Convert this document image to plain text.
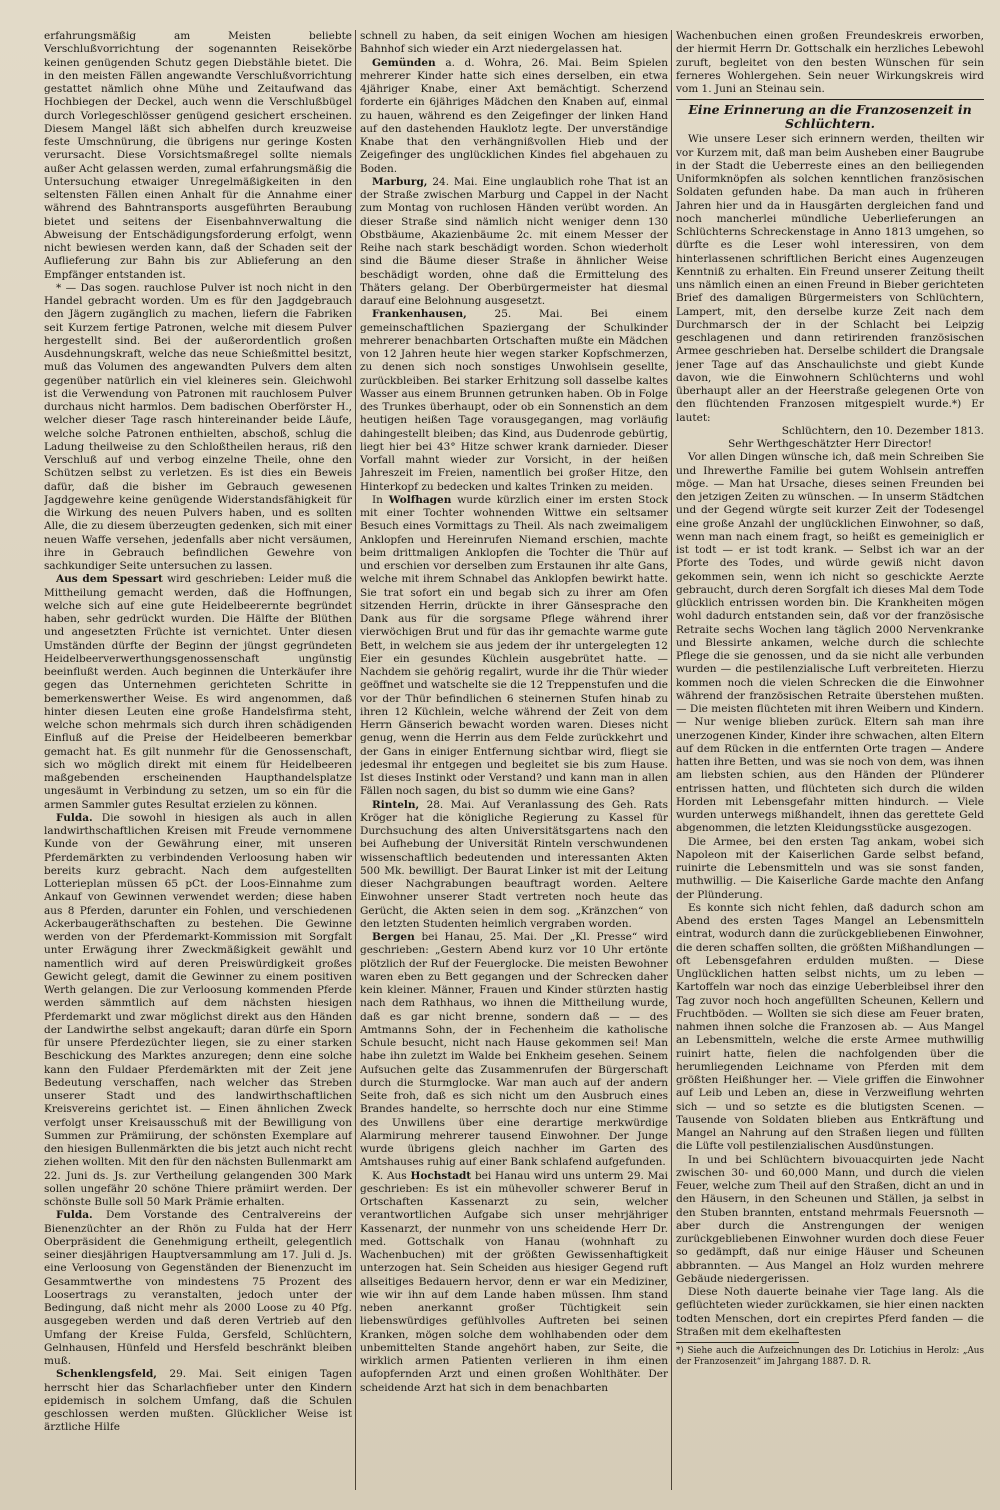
erfahrungsmäßig am Meisten beliebte Verschlußvorrichtung der sogenannten Reisekörbe keinen genügenden Schutz gegen Diebstähle bietet. Die in den meisten Fällen angewandte Verschlußvorrichtung gestattet nämlich ohne Mühe und Zeitaufwand das Hochbiegen der Deckel, auch wenn die Verschlußbügel durch Vorlegeschlösser genügend gesichert erscheinen. Diesem Mangel läßt sich abhelfen durch kreuzweise feste Umschnürung, die übrigens nur geringe Kosten verursacht. Diese Vorsichtsmaßregel sollte niemals außer Acht gelassen werden, zumal erfahrungsmäßig die Untersuchung etwaiger Unregelmäßigkeiten in den seltensten Fällen einen Anhalt für die Annahme einer während des Bahntransports ausgeführten Beraubung bietet und seitens der Eisenbahnverwaltung die Abweisung der Entschädigungsforderung erfolgt, wenn nicht bewiesen werden kann, daß der Schaden seit der Auflieferung zur Bahn bis zur Ablieferung an den Empfänger entstanden ist.

* — Das sogen. rauchlose Pulver ist noch nicht in den Handel gebracht worden. Um es für den Jagdgebrauch den Jägern zugänglich zu machen, liefern die Fabriken seit Kurzem fertige Patronen, welche mit diesem Pulver hergestellt sind. Bei der außerordentlich großen Ausdehnungskraft, welche das neue Schießmittel besitzt, muß das Volumen des angewandten Pulvers dem alten gegenüber natürlich ein viel kleineres sein. Gleichwohl ist die Verwendung von Patronen mit rauchlosem Pulver durchaus nicht harmlos. Dem badischen Oberförster H., welcher dieser Tage rasch hintereinander beide Läufe, welche solche Patronen enthielten, abschoß, schlug die Ladung theilweise zu den Schloßtheilen heraus, riß den Verschluß auf und verbog einzelne Theile, ohne den Schützen selbst zu verletzen. Es ist dies ein Beweis dafür, daß die bisher im Gebrauch gewesenen Jagdgewehre keine genügende Widerstandsfähigkeit für die Wirkung des neuen Pulvers haben, und es sollten Alle, die zu diesem überzeugten gedenken, sich mit einer neuen Waffe versehen, jedenfalls aber nicht versäumen, ihre in Gebrauch befindlichen Gewehre von sachkundiger Seite untersuchen zu lassen.

Aus dem Spessart wird geschrieben: Leider muß die Mittheilung gemacht werden, daß die Hoffnungen, welche sich auf eine gute Heidelbeerernte begründet haben, sehr gedrückt wurden. Die Hälfte der Blüthen und angesetzten Früchte ist vernichtet. Unter diesen Umständen dürfte der Beginn der jüngst gegründeten Heidelbeerverwerthungsgenossenschaft ungünstig beeinflußt werden. Auch beginnen die Unterkäufer ihre gegen das Unternehmen gerichteten Schritte in bemerkenswerther Weise. Es wird angenommen, daß hinter diesen Leuten eine große Handelsfirma steht, welche schon mehrmals sich durch ihren schädigenden Einfluß auf die Preise der Heidelbeeren bemerkbar gemacht hat. Es gilt nunmehr für die Genossenschaft, sich wo möglich direkt mit einem für Heidelbeeren maßgebenden erscheinenden Haupthandelsplatze ungesäumt in Verbindung zu setzen, um so ein für die armen Sammler gutes Resultat erzielen zu können.

Fulda. Die sowohl in hiesigen als auch in allen landwirthschaftlichen Kreisen mit Freude vernommene Kunde von der Gewährung einer, mit unseren Pferdemärkten zu verbindenden Verloosung haben wir bereits kurz gebracht. Nach dem aufgestellten Lotterieplan müssen 65 pCt. der Loos-Einnahme zum Ankauf von Gewinnen verwendet werden; diese haben aus 8 Pferden, darunter ein Fohlen, und verschiedenen Ackerbaugeräthschaften zu bestehen. Die Gewinne werden von der Pferdemarkt-Kommission mit Sorgfalt unter Erwägung ihrer Zweckmäßigkeit gewählt und namentlich wird auf deren Preiswürdigkeit großes Gewicht gelegt, damit die Gewinner zu einem positiven Werth gelangen. Die zur Verloosung kommenden Pferde werden sämmtlich auf dem nächsten hiesigen Pferdemarkt und zwar möglichst direkt aus den Händen der Landwirthe selbst angekauft; daran dürfe ein Sporn für unsere Pferdezüchter liegen, sie zu einer starken Beschickung des Marktes anzuregen; denn eine solche kann den Fuldaer Pferdemärkten mit der Zeit jene Bedeutung verschaffen, nach welcher das Streben unserer Stadt und des landwirthschaftlichen Kreisvereins gerichtet ist. — Einen ähnlichen Zweck verfolgt unser Kreisausschuß mit der Bewilligung von Summen zur Prämiirung, der schönsten Exemplare auf den hiesigen Bullenmärkten die bis jetzt auch nicht recht ziehen wollten. Mit den für den nächsten Bullenmarkt am 22. Juni ds. Js. zur Vertheilung gelangenden 300 Mark sollen ungefähr 20 schöne Thiere prämiirt werden. Der schönste Bulle soll 50 Mark Prämie erhalten.

Fulda. Dem Vorstande des Centralvereins der Bienenzüchter an der Rhön zu Fulda hat der Herr Oberpräsident die Genehmigung ertheilt, gelegentlich seiner diesjährigen Hauptversammlung am 17. Juli d. Js. eine Verloosung von Gegenständen der Bienenzucht im Gesammtwerthe von mindestens 75 Prozent des Loosertrags zu veranstalten, jedoch unter der Bedingung, daß nicht mehr als 2000 Loose zu 40 Pfg. ausgegeben werden und daß deren Vertrieb auf den Umfang der Kreise Fulda, Gersfeld, Schlüchtern, Gelnhausen, Hünfeld und Hersfeld beschränkt bleiben muß.

Schenklengsfeld, 29. Mai. Seit einigen Tagen herrscht hier das Scharlachfieber unter den Kindern epidemisch in solchem Umfang, daß die Schulen geschlossen werden mußten. Glücklicher Weise ist ärztliche Hilfe

schnell zu haben, da seit einigen Wochen am hiesigen Bahnhof sich wieder ein Arzt niedergelassen hat.

Gemünden a. d. Wohra, 26. Mai. Beim Spielen mehrerer Kinder hatte sich eines derselben, ein etwa 4jähriger Knabe, einer Axt bemächtigt. Scherzend forderte ein 6jähriges Mädchen den Knaben auf, einmal zu hauen, während es den Zeigefinger der linken Hand auf den dastehenden Hauklotz legte. Der unverständige Knabe that den verhängnißvollen Hieb und der Zeigefinger des unglücklichen Kindes fiel abgehauen zu Boden.

Marburg, 24. Mai. Eine unglaublich rohe That ist an der Straße zwischen Marburg und Cappel in der Nacht zum Montag von ruchlosen Händen verübt worden. An dieser Straße sind nämlich nicht weniger denn 130 Obstbäume, Akazienbäume 2c. mit einem Messer der Reihe nach stark beschädigt worden. Schon wiederholt sind die Bäume dieser Straße in ähnlicher Weise beschädigt worden, ohne daß die Ermittelung des Thäters gelang. Der Oberbürgermeister hat diesmal darauf eine Belohnung ausgesetzt.

Frankenhausen,	25. Mai. Bei einem gemeinschaftlichen Spaziergang der Schulkinder mehrerer benachbarten Ortschaften mußte ein Mädchen von 12 Jahren heute hier wegen starker Kopfschmerzen, zu denen sich noch sonstiges Unwohlsein gesellte, zurückbleiben. Bei starker Erhitzung soll dasselbe kaltes Wasser aus einem Brunnen getrunken haben. Ob in Folge des Trunkes überhaupt, oder ob ein Sonnenstich an dem heutigen heißen Tage vorausgegangen, mag vorläufig dahingestellt bleiben; das Kind, aus Dudenrode gebürtig, liegt hier bei 43° Hitze schwer krank darnieder. Dieser Vorfall mahnt wieder zur Vorsicht, in der heißen Jahreszeit im Freien, namentlich bei großer Hitze, den Hinterkopf zu bedecken und kaltes Trinken zu meiden.

In Wolfhagen wurde kürzlich einer im ersten Stock mit einer Tochter wohnenden Wittwe ein seltsamer Besuch eines Vormittags zu Theil. Als nach zweimaligem Anklopfen und Hereinrufen Niemand erschien, machte beim drittmaligen Anklopfen die Tochter die Thür auf und erschien vor derselben zum Erstaunen ihr alte Gans, welche mit ihrem Schnabel das Anklopfen bewirkt hatte. Sie trat sofort ein und begab sich zu ihrer am Ofen sitzenden Herrin, drückte in ihrer Gänsesprache den Dank aus für die sorgsame Pflege während ihrer vierwöchigen Brut und für das ihr gemachte warme gute Bett, in welchem sie aus jedem der ihr untergelegten 12 Eier ein gesundes Küchlein ausgebrütet hatte. — Nachdem sie gehörig regalirt, wurde ihr die Thür wieder geöffnet und watschelte sie die 12 Treppenstufen und die vor der Thür befindlichen 6 steinernen Stufen hinab zu ihren 12 Küchlein, welche während der Zeit von dem Herrn Gänserich bewacht worden waren. Dieses nicht genug, wenn die Herrin aus dem Felde zurückkehrt und der Gans in einiger Entfernung sichtbar wird, fliegt sie jedesmal ihr entgegen und begleitet sie bis zum Hause. Ist dieses Instinkt oder Verstand? und kann man in allen Fällen noch sagen, du bist so dumm wie eine Gans?

Rinteln, 28. Mai. Auf Veranlassung des Geh. Rats Kröger hat die königliche Regierung zu Kassel für Durchsuchung des alten Universitätsgartens nach den bei Aufhebung der Universität Rinteln verschwundenen wissenschaftlich bedeutenden und interessanten Akten 500 Mk. bewilligt. Der Baurat Linker ist mit der Leitung dieser Nachgrabungen beauftragt worden. Aeltere Einwohner unserer Stadt vertreten noch heute das Gerücht, die Akten seien in dem sog. „Kränzchen“ von den letzten Studenten heimlich vergraben worden.

Bergen bei Hanau, 25. Mai. Der „Kl. Presse“ wird geschrieben: „Gestern Abend kurz vor 10 Uhr ertönte plötzlich der Ruf der Feuerglocke. Die meisten Bewohner waren eben zu Bett gegangen und der Schrecken daher kein kleiner. Männer, Frauen und Kinder stürzten hastig nach dem Rathhaus, wo ihnen die Mittheilung wurde, daß es gar nicht brenne, sondern daß — — des Amtmanns Sohn, der in Fechenheim die katholische Schule besucht, nicht nach Hause gekommen sei! Man habe ihn zuletzt im Walde bei Enkheim gesehen. Seinem Aufsuchen gelte das Zusammenrufen der Bürgerschaft durch die Sturmglocke. War man auch auf der andern Seite froh, daß es sich nicht um den Ausbruch eines Brandes handelte, so herrschte doch nur eine Stimme des Unwillens über eine derartige merkwürdige Alarmirung mehrerer tausend Einwohner. Der Junge wurde übrigens gleich nachher im Garten des Amtshauses ruhig auf einer Bank schlafend aufgefunden.

K. Aus Hochstadt bei Hanau wird uns unterm 29. Mai geschrieben: Es ist ein mühevoller schwerer Beruf in Ortschaften Kassenarzt zu sein, welcher verantwortlichen Aufgabe sich unser mehrjähriger Kassenarzt, der nunmehr von uns scheidende Herr Dr. med. Gottschalk von Hanau (wohnhaft zu Wachenbuchen) mit der größten Gewissenhaftigkeit unterzogen hat. Sein Scheiden aus hiesiger Gegend ruft allseitiges Bedauern hervor, denn er war ein Mediziner, wie wir ihn auf dem Lande haben müssen. Ihm stand neben anerkannt großer Tüchtigkeit sein liebenswürdiges gefühlvolles Auftreten bei seinen Kranken, mögen solche dem wohlhabenden oder dem unbemittelten Stande angehört haben, zur Seite, die wirklich armen Patienten verlieren in ihm einen aufopfernden Arzt und einen großen Wohlthäter. Der scheidende Arzt hat sich in dem benachbarten

Wachenbuchen einen großen Freundeskreis erworben, der hiermit Herrn Dr. Gottschalk ein herzliches Lebewohl zuruft, begleitet von den besten Wünschen für sein ferneres Wohlergehen. Sein neuer Wirkungskreis wird vom 1. Juni an Steinau sein.

Eine Erinnerung an die Franzosenzeit in Schlüchtern.

Wie unsere Leser sich erinnern werden, theilten wir vor Kurzem mit, daß man beim Ausheben einer Baugrube in der Stadt die Ueberreste eines an den beiliegenden Uniformknöpfen als solchen kenntlichen französischen Soldaten gefunden habe. Da man auch in früheren Jahren hier und da in Hausgärten dergleichen fand und noch mancherlei mündliche Ueberlieferungen an Schlüchterns Schreckenstage in Anno 1813 umgehen, so dürfte es die Leser wohl interessiren, von dem hinterlassenen schriftlichen Bericht eines Augenzeugen Kenntniß zu erhalten. Ein Freund unserer Zeitung theilt uns nämlich einen an einen Freund in Bieber gerichteten Brief des damaligen Bürgermeisters von Schlüchtern, Lampert, mit, den derselbe kurze Zeit nach dem Durchmarsch der in der Schlacht bei Leipzig geschlagenen und dann retirirenden französischen Armee geschrieben hat. Derselbe schildert die Drangsale jener Tage auf das Anschaulichste und giebt Kunde davon, wie die Einwohnern Schlüchterns und wohl überhaupt aller an der Heerstraße gelegenen Orte von den flüchtenden Franzosen mitgespielt wurde.*) Er lautet:

Schlüchtern, den 10. Dezember 1813.

Sehr Werthgeschätzter Herr Director!

Vor allen Dingen wünsche ich, daß mein Schreiben Sie und Ihrewerthe Familie bei gutem Wohlsein antreffen möge. — Man hat Ursache, dieses seinen Freunden bei den jetzigen Zeiten zu wünschen. — In unserm Städtchen und der Gegend würgte seit kurzer Zeit der Todesengel eine große Anzahl der unglücklichen Einwohner, so daß, wenn man nach einem fragt, so heißt es gemeiniglich er ist todt — er ist todt krank. — Selbst ich war an der Pforte des Todes, und würde gewiß nicht davon gekommen sein, wenn ich nicht so geschickte Aerzte gebraucht, durch deren Sorgfalt ich dieses Mal dem Tode glücklich entrissen worden bin. Die Krankheiten mögen wohl dadurch entstanden sein, daß vor der französische Retraite sechs Wochen lang täglich 2000 Nervenkranke und Blessirte ankamen, welche durch die schlechte Pflege die sie genossen, und da sie nicht alle verbunden wurden — die pestilenzialische Luft verbreiteten. Hierzu kommen noch die vielen Schrecken die die Einwohner während der französischen Retraite überstehen mußten. — Die meisten flüchteten mit ihren Weibern und Kindern. — Nur wenige blieben zurück. Eltern sah man ihre unerzogenen Kinder, Kinder ihre schwachen, alten Eltern auf dem Rücken in die entfernten Orte tragen — Andere hatten ihre Betten, und was sie noch von dem, was ihnen am liebsten schien, aus den Händen der Plünderer entrissen hatten, und flüchteten sich durch die wilden Horden mit Lebensgefahr mitten hindurch. — Viele wurden unterwegs mißhandelt, ihnen das gerettete Geld abgenommen, die letzten Kleidungsstücke ausgezogen.

Die Armee, bei den ersten Tag ankam, wobei sich Napoleon mit der Kaiserlichen Garde selbst befand, ruinirte die Lebensmitteln und was sie sonst fanden, muthwillig. — Die Kaiserliche Garde machte den Anfang der Plünderung.

Es konnte sich nicht fehlen, daß dadurch schon am Abend des ersten Tages Mangel an Lebensmitteln eintrat, wodurch dann die zurückgebliebenen Einwohner, die deren schaffen sollten, die größten Mißhandlungen — oft Lebensgefahren erdulden mußten. — Diese Unglücklichen hatten selbst nichts, um zu leben — Kartoffeln war noch das einzige Ueberbleibsel ihrer den Tag zuvor noch hoch angefüllten Scheunen, Kellern und Fruchtböden. — Wollten sie sich diese am Feuer braten, nahmen ihnen solche die Franzosen ab. — Aus Mangel an Lebensmitteln, welche die erste Armee muthwillig ruinirt hatte, fielen die nachfolgenden über die herumliegenden Leichname von Pferden mit dem größten Heißhunger her. — Viele griffen die Einwohner auf Leib und Leben an, diese in Verzweiflung wehrten sich — und so setzte es die blutigsten Scenen. — Tausende von Soldaten blieben aus Entkräftung und Mangel an Nahrung auf den Straßen liegen und füllten die Lüfte voll pestilenzialischen Ausdünstungen.

In und bei Schlüchtern bivouacquirten jede Nacht zwischen 30- und 60,000 Mann, und durch die vielen Feuer, welche zum Theil auf den Straßen, dicht an und in den Häusern, in den Scheunen und Ställen, ja selbst in den Stuben brannten, entstand mehrmals Feuersnoth — aber durch die Anstrengungen der wenigen zurückgebliebenen Einwohner wurden doch diese Feuer so gedämpft, daß nur einige Häuser und Scheunen abbrannten. — Aus Mangel an Holz wurden mehrere Gebäude niedergerissen.

Diese Noth dauerte beinahe vier Tage lang. Als die geflüchteten wieder zurückkamen, sie hier einen nackten todten Menschen, dort ein crepirtes Pferd fanden — die Straßen mit dem ekelhaftesten

*) Siehe auch die Aufzeichnungen des Dr. Lotichius in Herolz: „Aus der Franzosenzeit“ im Jahrgang 1887. D. R.
